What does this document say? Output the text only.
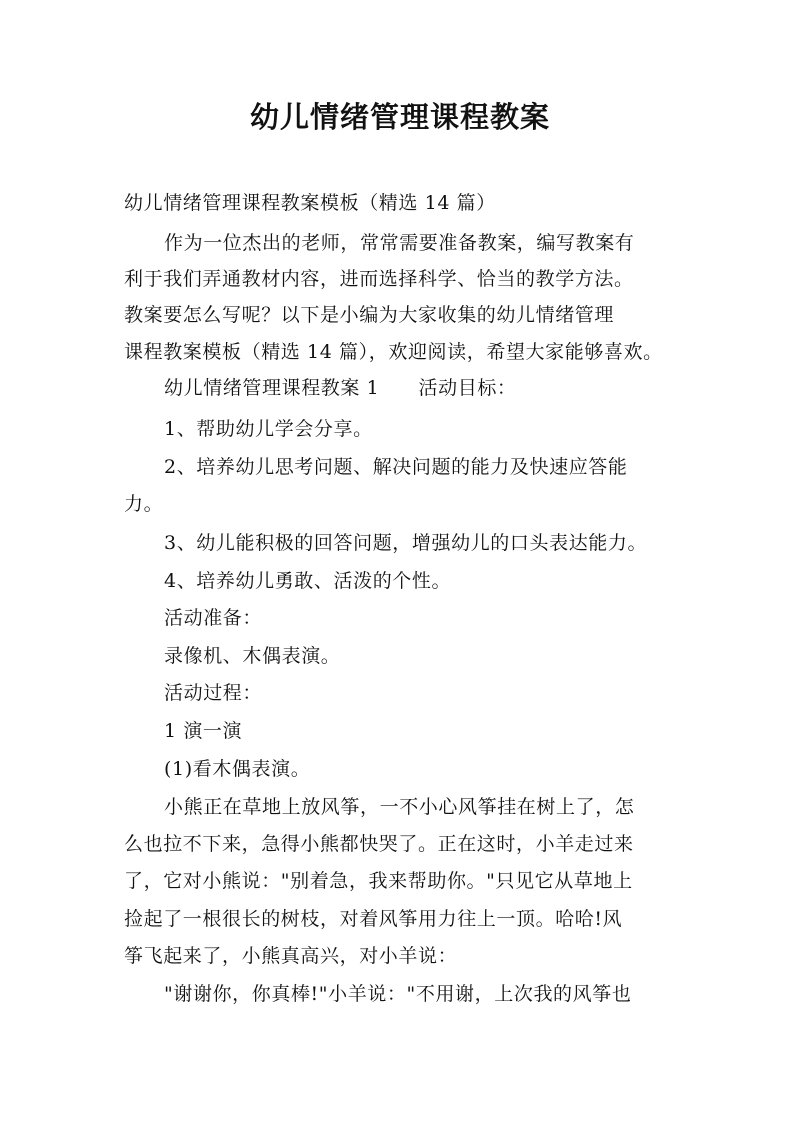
幼儿情绪管理课程教案
幼儿情绪管理课程教案模板（精选 14 篇）
作为一位杰出的老师，常常需要准备教案，编写教案有
利于我们弄通教材内容，进而选择科学、恰当的教学方法。
教案要怎么写呢？以下是小编为大家收集的幼儿情绪管理
课程教案模板（精选 14 篇），欢迎阅读，希望大家能够喜欢。
幼儿情绪管理课程教案 1　　活动目标：
1、帮助幼儿学会分享。
2、培养幼儿思考问题、解决问题的能力及快速应答能
力。
3、幼儿能积极的回答问题，增强幼儿的口头表达能力。
4、培养幼儿勇敢、活泼的个性。
活动准备：
录像机、木偶表演。
活动过程：
1 演一演
(1)看木偶表演。
小熊正在草地上放风筝，一不小心风筝挂在树上了，怎
么也拉不下来，急得小熊都快哭了。正在这时，小羊走过来
了，它对小熊说："别着急，我来帮助你。"只见它从草地上
捡起了一根很长的树枝，对着风筝用力往上一顶。哈哈!风
筝飞起来了，小熊真高兴，对小羊说：
"谢谢你，你真棒!"小羊说："不用谢，上次我的风筝也
